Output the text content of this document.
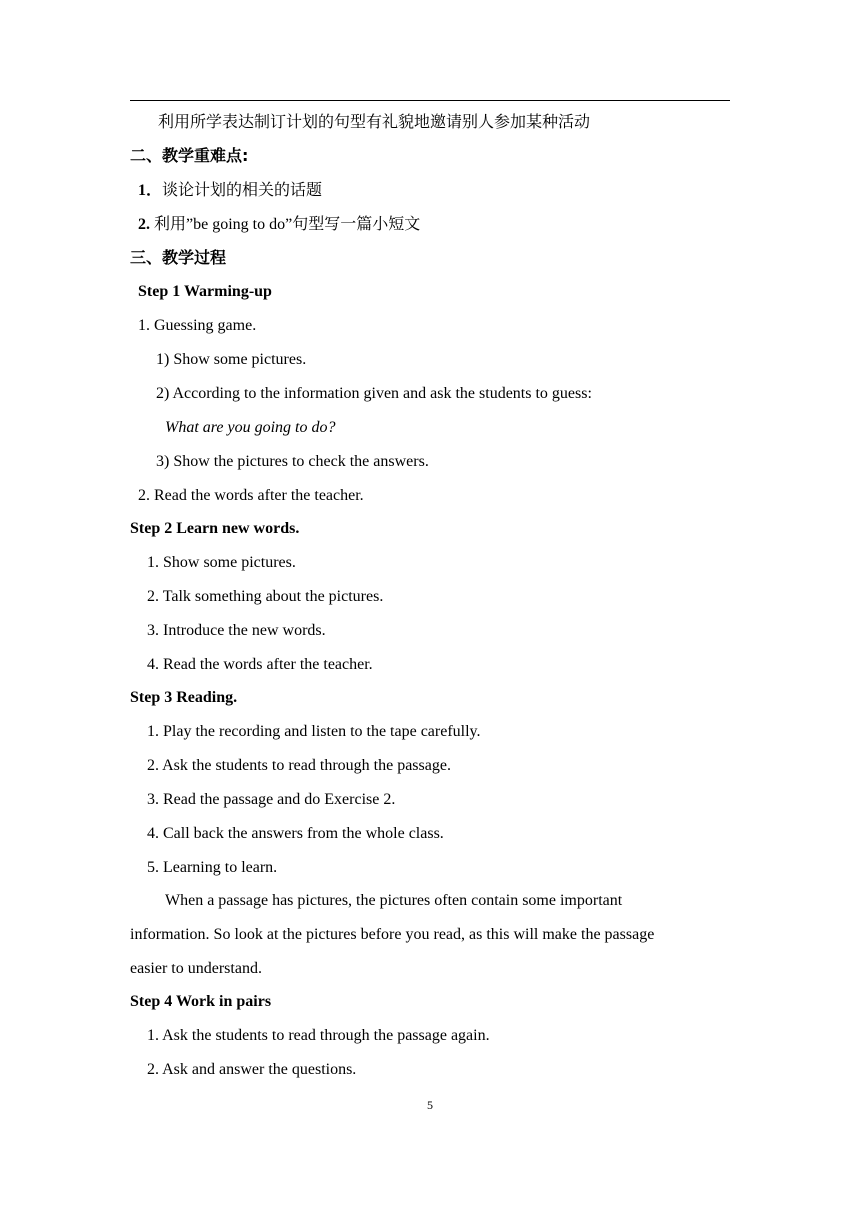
利用所学表达制订计划的句型有礼貌地邀请别人参加某种活动
二、教学重难点:
1．谈论计划的相关的话题
2. 利用”be going to do”句型写一篇小短文
三、教学过程
Step 1 Warming-up
1. Guessing game.
1) Show some pictures.
2) According to the information given and ask the students to guess:
What are you going to do?
3) Show the pictures to check the answers.
2. Read the words after the teacher.
Step 2 Learn new words.
1. Show some pictures.
2. Talk something about the pictures.
3. Introduce the new words.
4. Read the words after the teacher.
Step 3 Reading.
1. Play the recording and listen to the tape carefully.
2. Ask the students to read through the passage.
3. Read the passage and do Exercise 2.
4. Call back the answers from the whole class.
5. Learning to learn.
When a passage has pictures, the pictures often contain some important
information. So look at the pictures before you read, as this will make the passage
easier to understand.
Step 4 Work in pairs
1. Ask the students to read through the passage again.
2. Ask and answer the questions.
5
